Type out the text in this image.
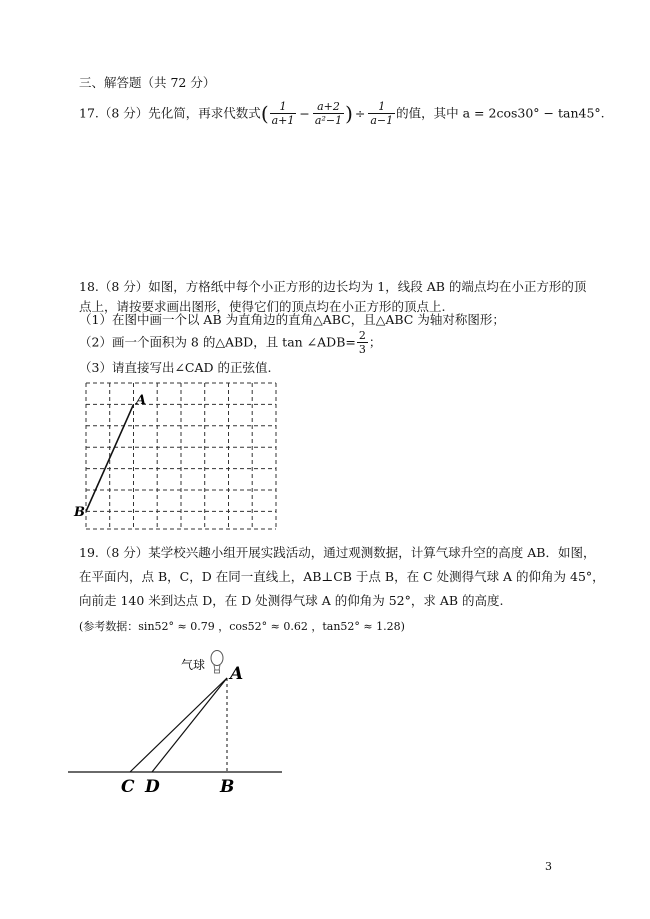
三、解答题（共 72 分）
17.（8 分）先化简，再求代数式( $\frac{1}{a+1} - \frac{a+2}{\text{a²−1}}$ ) ÷ $\frac{1}{a-1}$ 的值，其中 a = 2cos30° − tan45°.
18.（8 分）如图，方格纸中每个小正方形的边长均为 1，线段 AB 的端点均在小正方形的顶
点上，请按要求画出图形，使得它们的顶点均在小正方形的顶点上.
（1）在图中画一个以 AB 为直角边的直角△ABC，且△ABC 为轴对称图形；
（2）画一个面积为 8 的△ABD，且 tan ∠ADB= $\frac{2}{3}$ ；
（3）请直接写出∠CAD 的正弦值.
A
B
19.（8 分）某学校兴趣小组开展实践活动，通过观测数据，计算气球升空的高度 AB．如图，
在平面内，点 B，C，D 在同一直线上，AB⊥CB 于点 B，在 C 处测得气球 A 的仰角为 45°，
向前走 140 米到达点 D，在 D 处测得气球 A 的仰角为 52°，求 AB 的高度.
(参考数据：sin52° ≈ 0.79 ，cos52° ≈ 0.62 ，tan52° ≈ 1.28)
气球 A
C D	B
3
